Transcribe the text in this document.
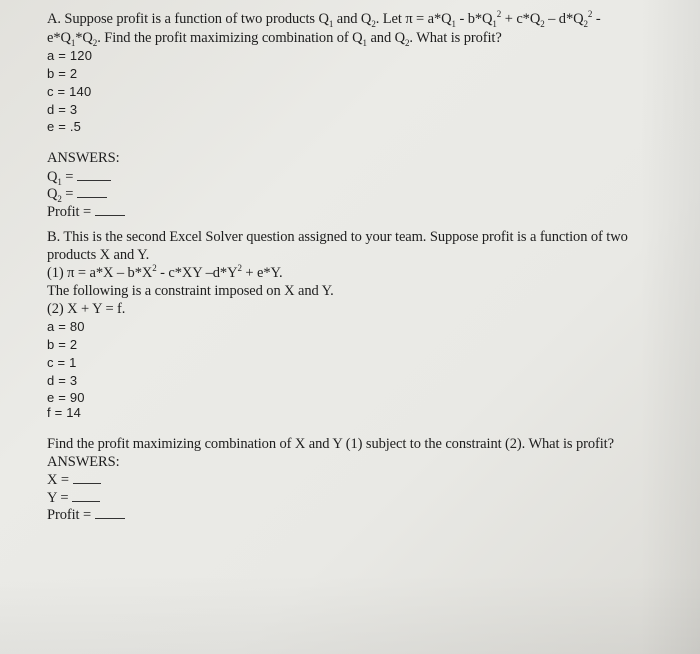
A. Suppose profit is a function of two products $Q_1$ and $Q_2$. Let $\pi = a*Q_1 - b*Q_1^2 + c*Q_2 - d*Q_2^2$ -
$e*Q_1*Q_2$. Find the profit maximizing combination of $Q_1$ and $Q_2$. What is profit?
a = 120
b = 2
c = 140
d = 3
e = .5
ANSWERS:
$Q_1$ =
$Q_2$ =
Profit =
B. This is the second Excel Solver question assigned to your team. Suppose profit is a function of two
products X and Y.
(1) $\pi = a*X - b*X^2 - c*XY$ $-d*Y^2 + e*Y$.
The following is a constraint imposed on X and Y.
(2) X + Y = f.
a = 80
b = 2
c = 1
d = 3
e = 90
f = 14
Find the profit maximizing combination of X and Y (1) subject to the constraint (2). What is profit?
ANSWERS:
X =
Y =
Profit =
